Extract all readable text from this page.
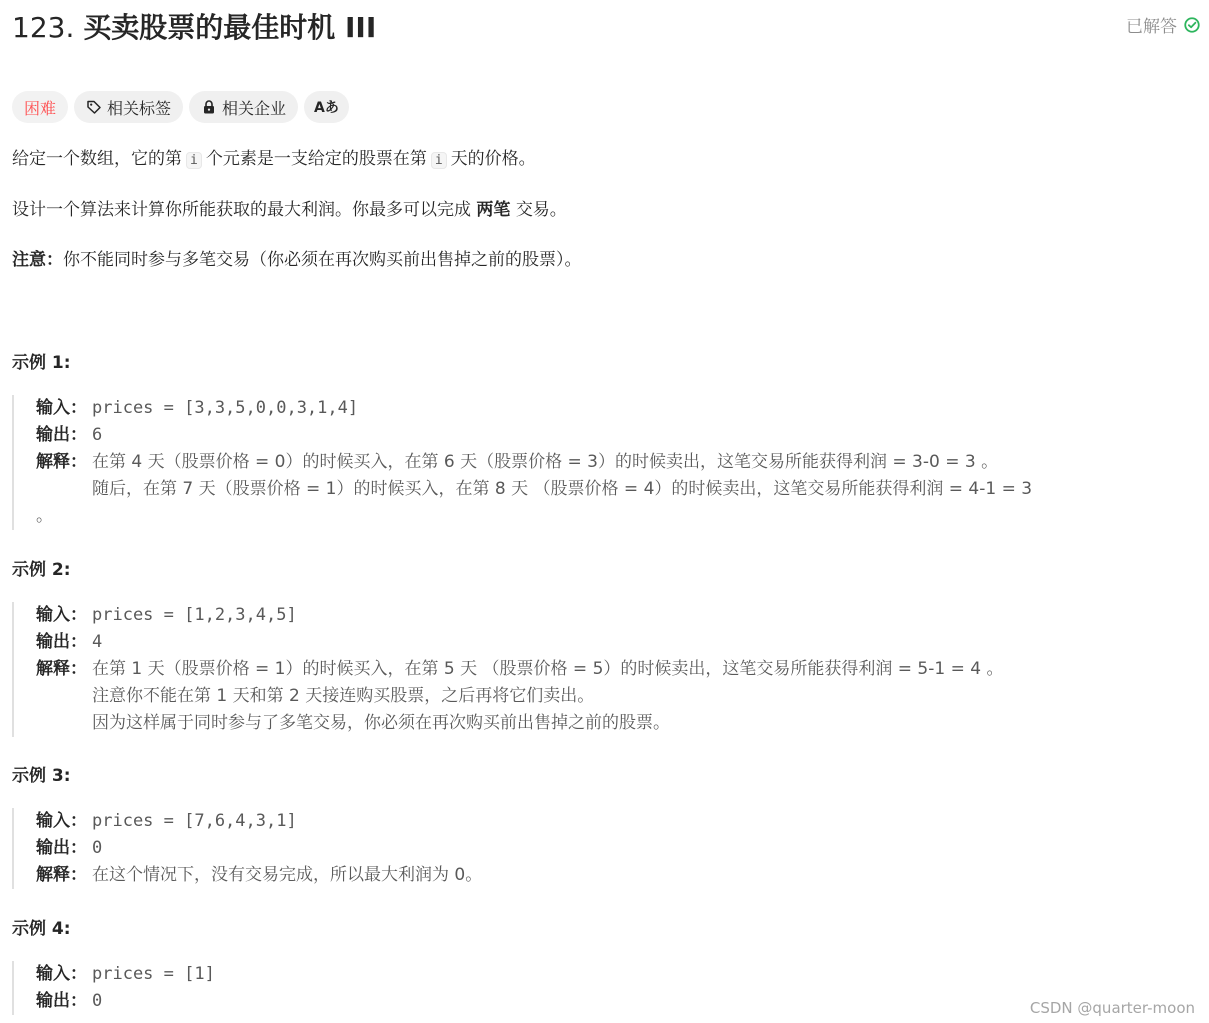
123. 买卖股票的最佳时机 III	已解答
困难	相关标签	相关企业 Aあ
给定一个数组，它的第 i 个元素是一支给定的股票在第 i 天的价格。
设计一个算法来计算你所能获取的最大利润。你最多可以完成 两笔 交易。
注意：你不能同时参与多笔交易（你必须在再次购买前出售掉之前的股票）。
示例 1:
输入： prices = [3,3,5,0,0,3,1,4]
输出： 6
解释： 在第 4 天（股票价格 = 0）的时候买入，在第 6 天（股票价格 = 3）的时候卖出，这笔交易所能获得利润 = 3-0 = 3 。
随后，在第 7 天（股票价格 = 1）的时候买入，在第 8 天 （股票价格 = 4）的时候卖出，这笔交易所能获得利润 = 4-1 = 3
。
示例 2:
输入： prices = [1,2,3,4,5]
输出： 4
解释： 在第 1 天（股票价格 = 1）的时候买入，在第 5 天 （股票价格 = 5）的时候卖出，这笔交易所能获得利润 = 5-1 = 4 。
注意你不能在第 1 天和第 2 天接连购买股票，之后再将它们卖出。
因为这样属于同时参与了多笔交易，你必须在再次购买前出售掉之前的股票。
示例 3:
输入： prices = [7,6,4,3,1]
输出： 0
解释： 在这个情况下，没有交易完成，所以最大利润为 0。
示例 4:
输入： prices = [1]
输出： 0	CSDN @quarter-moon
